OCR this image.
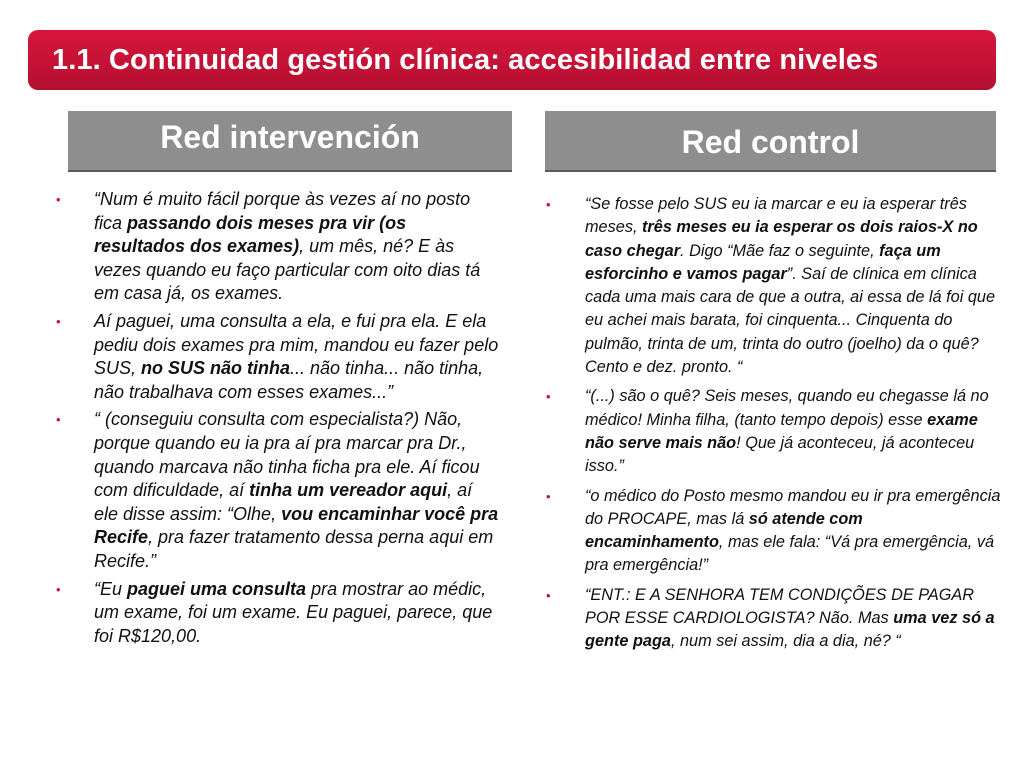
1.1. Continuidad gestión clínica: accesibilidad entre niveles
Red intervención	Red control
• “Num é muito fácil porque às vezes aí no posto fica passando dois meses pra vir (os resultados dos exames), um mês, né? E às vezes quando eu faço particular com oito dias tá em casa já, os exames.
• Aí paguei, uma consulta a ela, e fui pra ela. E ela pediu dois exames pra mim, mandou eu fazer pelo SUS, no SUS não tinha... não tinha... não tinha, não trabalhava com esses exames...”
• “ (conseguiu consulta com especialista?) Não, porque quando eu ia pra aí pra marcar pra Dr., quando marcava não tinha ficha pra ele. Aí ficou com dificuldade, aí tinha um vereador aqui, aí ele disse assim: “Olhe, vou encaminhar você pra Recife, pra fazer tratamento dessa perna aqui em Recife.”
• “Eu paguei uma consulta pra mostrar ao médic, um exame, foi um exame. Eu paguei, parece, que foi R$120,00.
• “Se fosse pelo SUS eu ia marcar e eu ia esperar três meses, três meses eu ia esperar os dois raios-X no caso chegar. Digo “Mãe faz o seguinte, faça um esforcinho e vamos pagar”. Saí de clínica em clínica cada uma mais cara de que a outra, ai essa de lá foi que eu achei mais barata, foi cinquenta... Cinquenta do pulmão, trinta de um, trinta do outro (joelho) da o quê? Cento e dez. pronto. “
• “(...) são o quê? Seis meses, quando eu chegasse lá no médico! Minha filha, (tanto tempo depois) esse exame não serve mais não! Que já aconteceu, já aconteceu isso.”
• “o médico do Posto mesmo mandou eu ir pra emergência do PROCAPE, mas lá só atende com encaminhamento, mas ele fala: “Vá pra emergência, vá pra emergência!”
• “ENT.: E A SENHORA TEM CONDIÇÕES DE PAGAR POR ESSE CARDIOLOGISTA? Não. Mas uma vez só a gente paga, num sei assim, dia a dia, né? “
